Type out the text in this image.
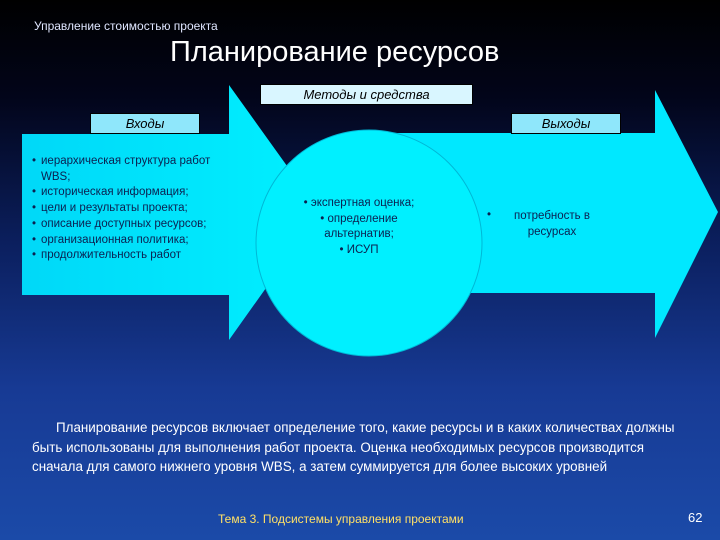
Управление стоимостью проекта
Планирование ресурсов
Методы и средства
Входы	Выходы
• иерархическая структура работ WBS;
• историческая информация;
• цели и результаты проекта;
• описание доступных ресурсов;
• организационная политика;
• продолжительность работ
• экспертная оценка;
• определение альтернатив;
• ИСУП
•	потребность в ресурсах
Планирование ресурсов включает определение того, какие ресурсы и в каких количествах должны быть использованы для выполнения работ проекта. Оценка необходимых ресурсов производится сначала для самого нижнего уровня WBS, а затем суммируется для более высоких уровней
Тема 3. Подсистемы управления проектами	62
